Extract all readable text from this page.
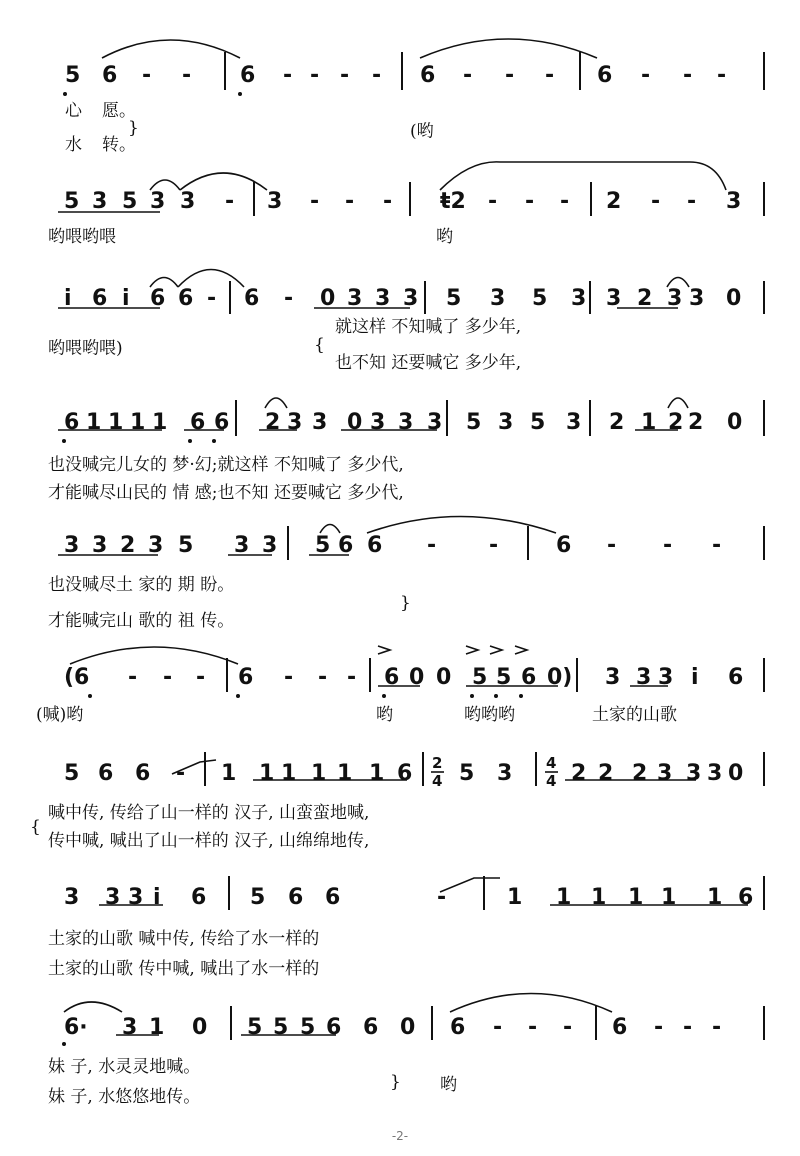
5 6 - - 6 - - - - 6 - - - 6 - - -
心 愿。
水 转。
}	(哟
5 3 5 3 3 - 3 - - - ŧ2 - - - 2 - - 3
哟喂哟喂	哟
i 6 i 6 6 - 6 - 0 3 3 3 5 3 5 3 3 2 3 3 0
哟喂哟喂)	{
就这样 不知喊了 多少年,
也不知 还要喊它 多少年,
6 1 1 1 1 6 6 2 3 3 0 3 3 3 5 3 5 3 2 1 2 2 0
也没喊完儿女的 梦·幻;就这样 不知喊了 多少代,
才能喊尽山民的 情 感;也不知 还要喊它 多少代,
3 3 2 3 5 3 3 5 6 6 - -	6 - - -
也没喊尽土 家的 期 盼。
才能喊完山 歌的 祖 传。
}
(6 - - - 6 - - - 6 0 0 5 5 6 0) 3 3 3 i 6
(喊)哟	哟	哟哟哟	土家的山歌
5 6 6 - 1 1 1 1 1 1 6 5 3	2 2 2 3 3 3 0
{
喊中传, 传给了山一样的 汉子, 山蛮蛮地喊,
传中喊, 喊出了山一样的 汉子, 山绵绵地传,
3 3 3 i 6 5 6 6	-	1 1 1 1 1 1 6
土家的山歌 喊中传, 传给了水一样的
土家的山歌 传中喊, 喊出了水一样的
6· 3 1 0 5 5 5 6 6 0 6 - - - 6 - - -
妹 子, 水灵灵地喊。
妹 子, 水悠悠地传。
} 哟
2
4
4
4
-2-
